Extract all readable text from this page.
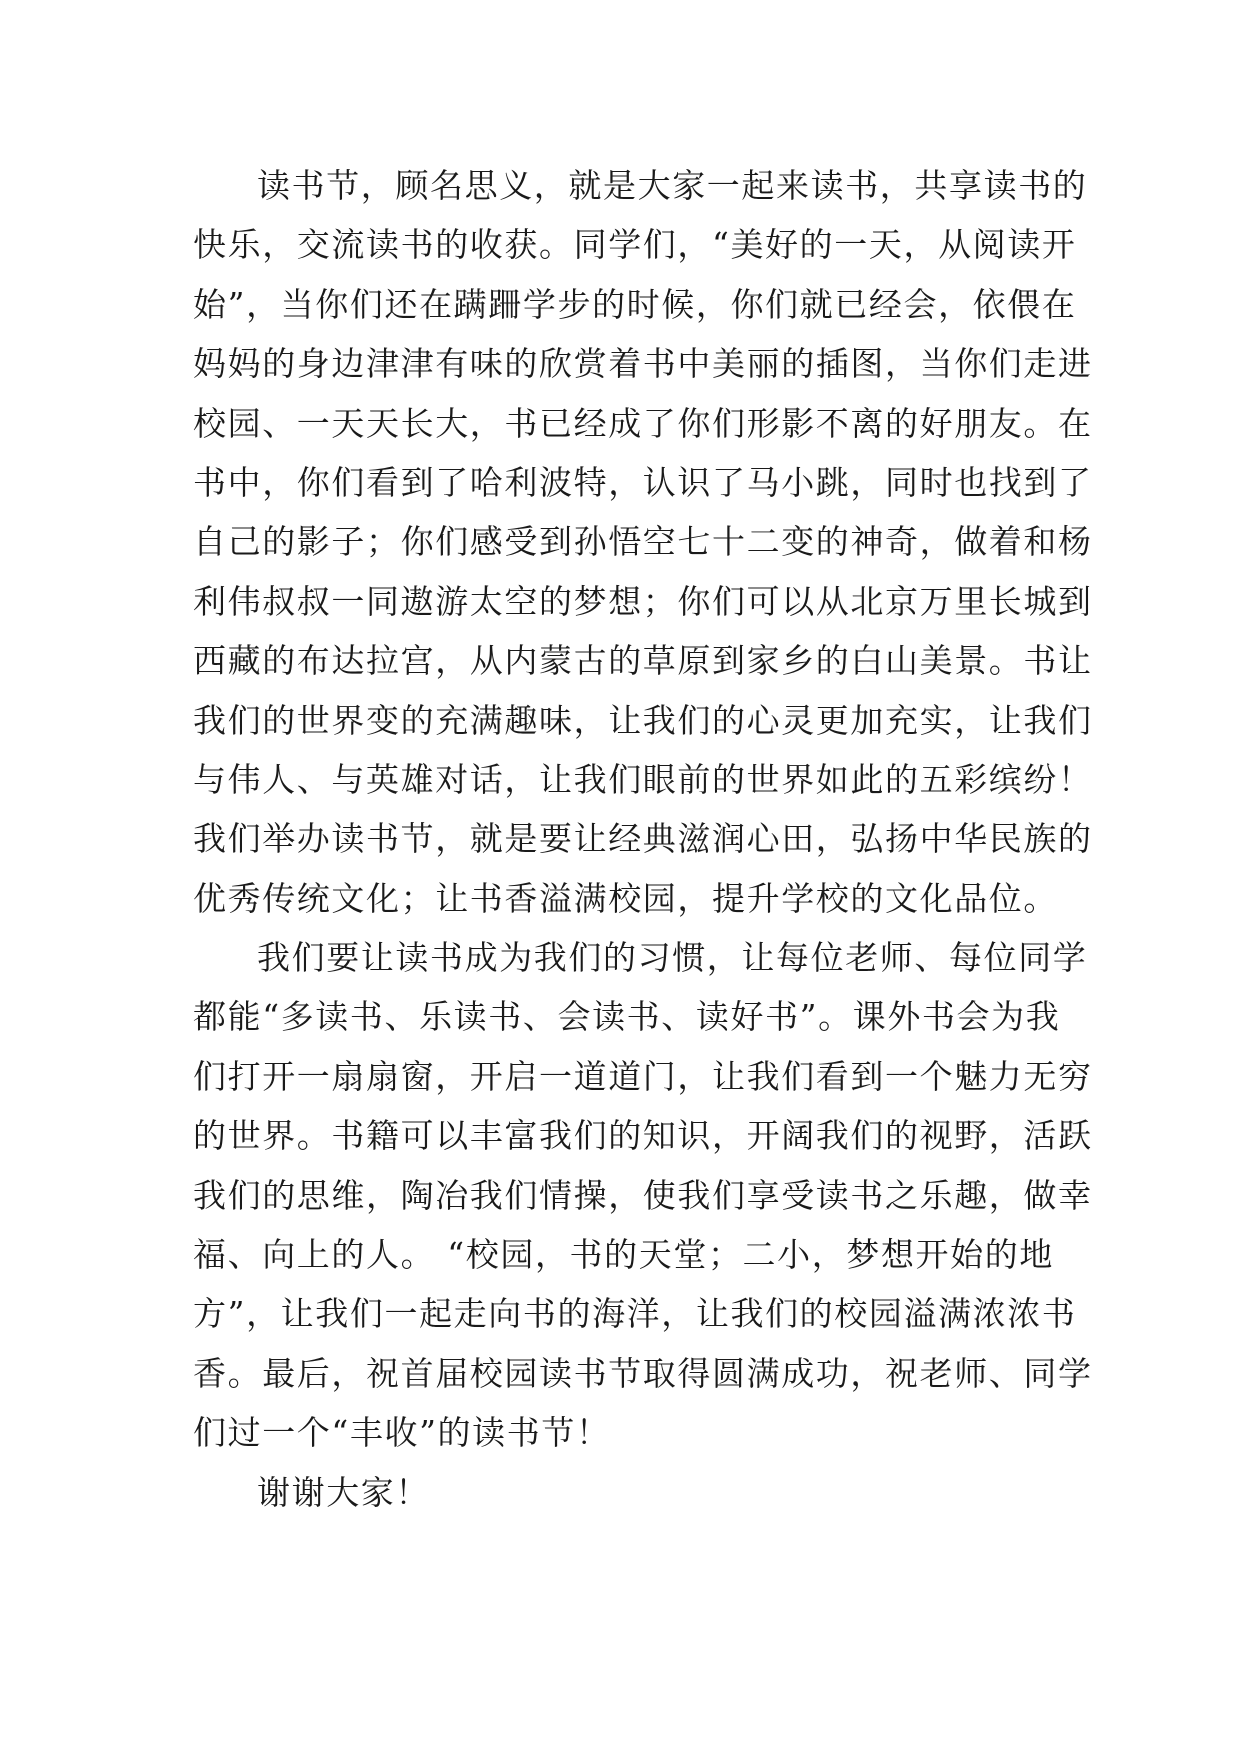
读书节，顾名思义，就是大家一起来读书，共享读书的
快乐，交流读书的收获。同学们，“美好的一天，从阅读开
始”，当你们还在蹒跚学步的时候，你们就已经会，依偎在
妈妈的身边津津有味的欣赏着书中美丽的插图，当你们走进
校园、一天天长大，书已经成了你们形影不离的好朋友。在
书中，你们看到了哈利波特，认识了马小跳，同时也找到了
自己的影子；你们感受到孙悟空七十二变的神奇，做着和杨
利伟叔叔一同遨游太空的梦想；你们可以从北京万里长城到
西藏的布达拉宫，从内蒙古的草原到家乡的白山美景。书让
我们的世界变的充满趣味，让我们的心灵更加充实，让我们
与伟人、与英雄对话，让我们眼前的世界如此的五彩缤纷！
我们举办读书节，就是要让经典滋润心田，弘扬中华民族的
优秀传统文化；让书香溢满校园，提升学校的文化品位。
我们要让读书成为我们的习惯，让每位老师、每位同学
都能“多读书、乐读书、会读书、读好书”。课外书会为我
们打开一扇扇窗，开启一道道门，让我们看到一个魅力无穷
的世界。书籍可以丰富我们的知识，开阔我们的视野，活跃
我们的思维，陶冶我们情操，使我们享受读书之乐趣，做幸
福、向上的人。 “校园，书的天堂；二小，梦想开始的地
方”，让我们一起走向书的海洋，让我们的校园溢满浓浓书
香。最后，祝首届校园读书节取得圆满成功，祝老师、同学
们过一个“丰收”的读书节！
谢谢大家！
